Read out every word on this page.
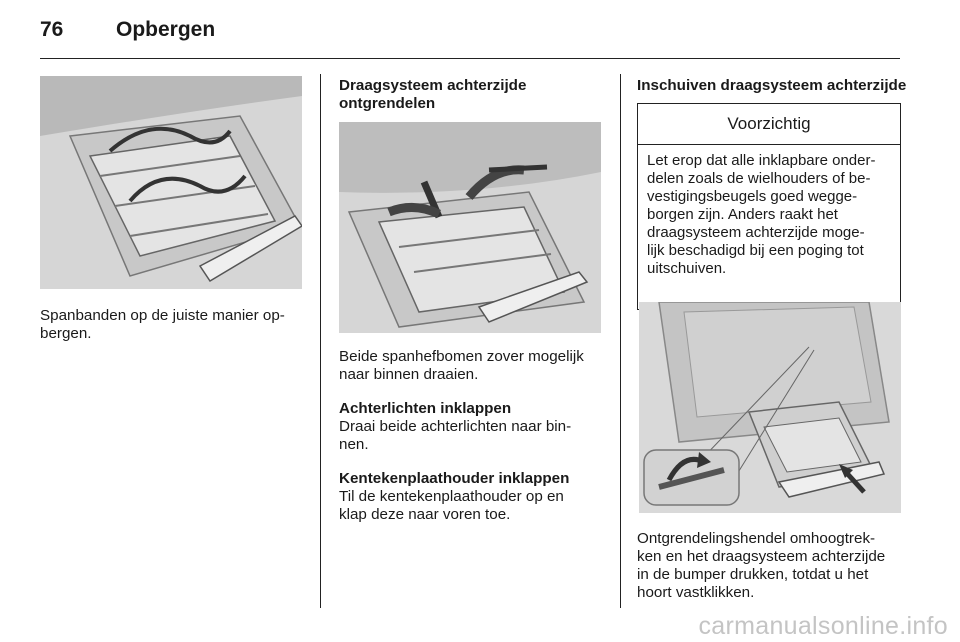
76	Opbergen

Spanbanden op de juiste manier op-

bergen.

Draagsysteem achterzijde

ontgrendelen

Beide spanhefbomen zover mogelijk

naar binnen draaien.

Achterlichten inklappen

Draai beide achterlichten naar bin-

nen.

Kentekenplaathouder inklappen

Til de kentekenplaathouder op en

klap deze naar voren toe.

Inschuiven draagsysteem achterzijde
Voorzichtig

Let erop dat alle inklapbare onder-

delen zoals de wielhouders of be-

vestigingsbeugels goed wegge-

borgen zijn. Anders raakt het

draagsysteem achterzijde moge-

lijk beschadigd bij een poging tot

uitschuiven.

Ontgrendelingshendel omhoogtrek-

ken en het draagsysteem achterzijde

in de bumper drukken, totdat u het

hoort vastklikken.

carmanualsonline.info
